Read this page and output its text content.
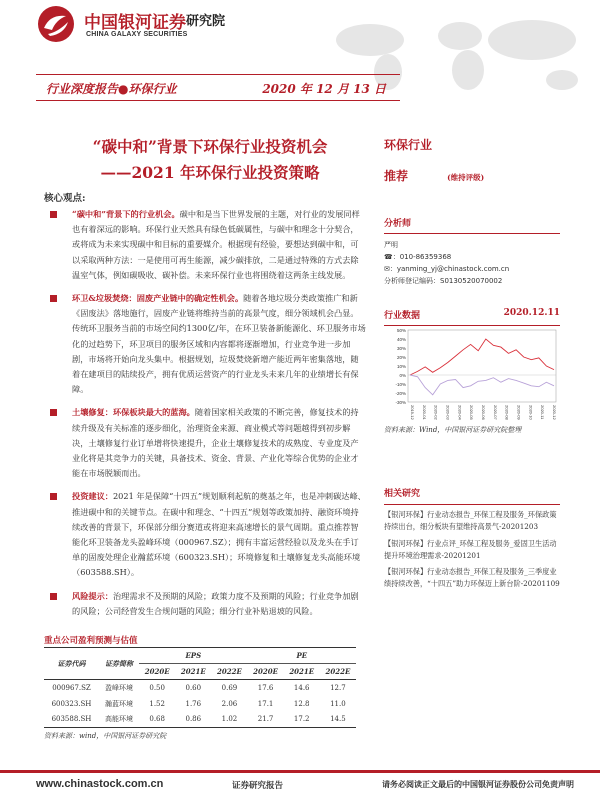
中国银河证券
CHINA GALAXY SECURITIES
研究院
行业深度报告●环保行业	2020 年 12 月 13 日
“碳中和”背景下环保行业投资机会
——2021 年环保行业投资策略
核心观点:
“碳中和”背景下的行业机会。碳中和是当下世界发展的主题，对行业的发展同样也有着深远的影响。环保行业天然具有绿色低碳属性，与碳中和理念十分契合，或将成为未来实现碳中和目标的重要媒介。根据现有经验，要想达到碳中和，可以采取两种方法：一是使用可再生能源，减少碳排放，二是通过特殊的方式去除温室气体，例如碳吸收、碳补偿。未来环保行业也将围绕着这两条主线发展。
环卫&垃圾焚烧：固废产业链中的确定性机会。随着各地垃圾分类政策推广和新《固废法》落地施行，固废产业链将维持当前的高景气度，细分领域机会凸显。传统环卫服务当前的市场空间约1300亿/年，在环卫装备新能源化、环卫服务市场化的过趋势下，环卫项目的服务区域和内容都将逐渐增加，行业竞争进一步加剧，市场将开始向龙头集中。根据规划，垃圾焚烧新增产能近两年密集落地，随着在建项目的陆续投产，拥有优质运营资产的行业龙头未来几年的业绩增长有保障。
土壤修复：环保板块最大的蓝海。随着国家相关政策的不断完善，修复技术的持续升级及有关标准的逐步细化，治理资金来源、商业模式等问题越得到初步解决，土壤修复行业订单增将快速提升，企业土壤修复技术的成熟度、专业度及产业化将是其竞争力的关键，具备技术、资金、背景、产业化等综合优势的企业才能在市场脱颖而出。
投资建议：2021 年是保障“十四五”规划顺利起航的奠基之年，也是冲刺碳达峰、推进碳中和的关键节点。在碳中和理念、“十四五”规划等政策加持、融资环境持续改善的背景下，环保部分细分赛道或将迎来高速增长的景气周期。重点推荐智能化环卫装备龙头盈峰环境（000967.SZ）；拥有丰富运营经验以及龙头在手订单的固废处理企业瀚蓝环境（600323.SH）；环境修复和土壤修复龙头高能环境（603588.SH）。
风险提示：治理需求不及预期的风险；政策力度不及预期的风险；行业竞争加剧的风险；公司经营发生合规问题的风险；细分行业补贴退坡的风险。
环保行业
推荐	(维持评级)
分析师
严明
☎：010-86359368
✉：yanming_yj@chinastock.com.cn
分析师登记编码：S0130520070002
行业数据	2020.12.11
50%
40%
30%
20%
10%
0%
-10%
-20%
-30%
2019-12 2020-01 2020-02 2020-03 2020-04 2020-05 2020-06 2020-07 2020-08 2020-09 2020-10 2020-11 2020-12
资料来源：Wind，中国银河证券研究院整理
相关研究
【银河环保】行业动态报告_环保工程及服务_环保政策持续出台，细分板块有望维持高景气-20201203
【银河环保】行业点评_环保工程及服务_爱固卫生活动提升环境治理需求-20201201
【银河环保】行业动态报告_环保工程及服务_三季度业绩持续改善，“十四五”助力环保迈上新台阶-20201109
重点公司盈利预测与估值
证券代码	证券简称	EPS			PE		
		2020E	2021E	2022E	2020E	2021E	2022E
000967.SZ	盈峰环境	0.50	0.60	0.69	17.6	14.6	12.7
600323.SH	瀚蓝环境	1.52	1.76	2.06	17.1	12.8	11.0
603588.SH	高能环境	0.68	0.86	1.02	21.7	17.2	14.5
资料来源：wind，中国银河证券研究院
www.chinastock.com.cn	证券研究报告	请务必阅读正文最后的中国银河证券股份公司免责声明
